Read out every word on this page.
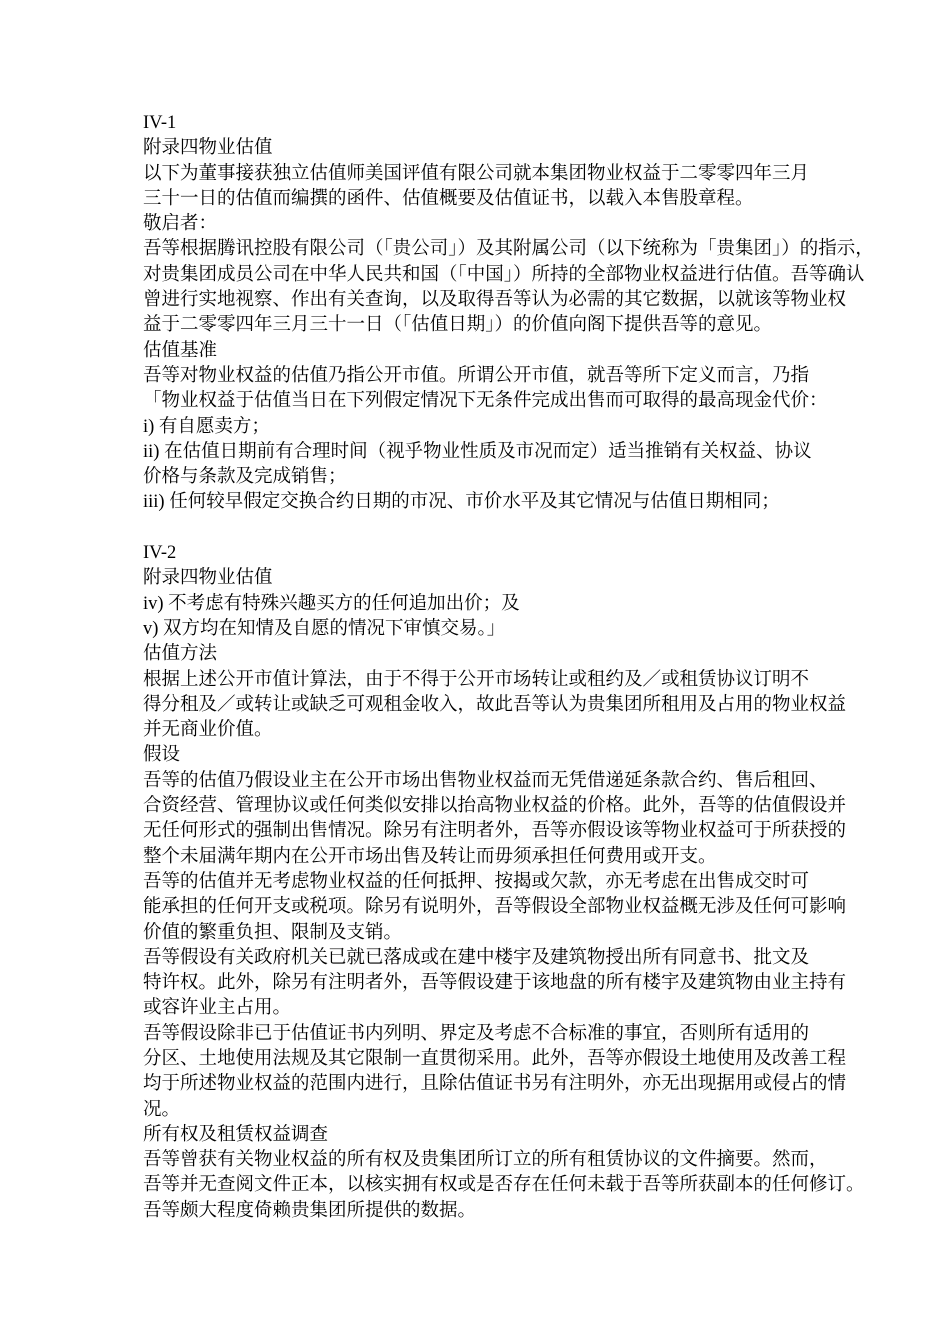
IV-1
附录四物业估值
以下为董事接获独立估值师美国评值有限公司就本集团物业权益于二零零四年三月
三十一日的估值而编撰的函件、估值概要及估值证书，以载入本售股章程。
敬启者：
吾等根据腾讯控股有限公司（「贵公司」）及其附属公司（以下统称为「贵集团」）的指示，
对贵集团成员公司在中华人民共和国（「中国」）所持的全部物业权益进行估值。吾等确认
曾进行实地视察、作出有关查询，以及取得吾等认为必需的其它数据，以就该等物业权
益于二零零四年三月三十一日（「估值日期」）的价值向阁下提供吾等的意见。
估值基准
吾等对物业权益的估值乃指公开市值。所谓公开市值，就吾等所下定义而言，乃指
「物业权益于估值当日在下列假定情况下无条件完成出售而可取得的最高现金代价：
i) 有自愿卖方；
ii) 在估值日期前有合理时间（视乎物业性质及市况而定）适当推销有关权益、协议
价格与条款及完成销售；
iii) 任何较早假定交换合约日期的市况、市价水平及其它情况与估值日期相同；
IV-2
附录四物业估值
iv) 不考虑有特殊兴趣买方的任何追加出价；及
v) 双方均在知情及自愿的情况下审慎交易。」
估值方法
根据上述公开市值计算法，由于不得于公开市场转让或租约及／或租赁协议订明不
得分租及／或转让或缺乏可观租金收入，故此吾等认为贵集团所租用及占用的物业权益
并无商业价值。
假设
吾等的估值乃假设业主在公开市场出售物业权益而无凭借递延条款合约、售后租回、
合资经营、管理协议或任何类似安排以抬高物业权益的价格。此外，吾等的估值假设并
无任何形式的强制出售情况。除另有注明者外，吾等亦假设该等物业权益可于所获授的
整个未届满年期内在公开市场出售及转让而毋须承担任何费用或开支。
吾等的估值并无考虑物业权益的任何抵押、按揭或欠款，亦无考虑在出售成交时可
能承担的任何开支或税项。除另有说明外，吾等假设全部物业权益概无涉及任何可影响
价值的繁重负担、限制及支销。
吾等假设有关政府机关已就已落成或在建中楼宇及建筑物授出所有同意书、批文及
特许权。此外，除另有注明者外，吾等假设建于该地盘的所有楼宇及建筑物由业主持有
或容许业主占用。
吾等假设除非已于估值证书内列明、界定及考虑不合标准的事宜，否则所有适用的
分区、土地使用法规及其它限制一直贯彻采用。此外，吾等亦假设土地使用及改善工程
均于所述物业权益的范围内进行，且除估值证书另有注明外，亦无出现据用或侵占的情
况。
所有权及租赁权益调查
吾等曾获有关物业权益的所有权及贵集团所订立的所有租赁协议的文件摘要。然而，
吾等并无查阅文件正本，以核实拥有权或是否存在任何未载于吾等所获副本的任何修订。
吾等颇大程度倚赖贵集团所提供的数据。
